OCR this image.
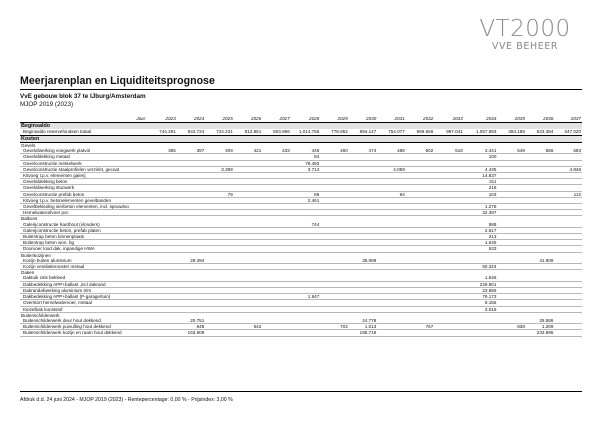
VT2000
VVE BEHEER
Meerjarenplan en Liquiditeitsprognose
VvE gebouw blok 37 te IJburg/Amsterdam
MJOP 2019 (2023)
Jaar	2023	2024	2025	2026	2027	2028	2029	2030	2031	2032	2033	2034	2035	2036	2037
Beginsaldo															
Beginsaldo reservefondsen totaal	744.291	842.724	724.231	812.851	903.966	1.014.755	778.952	894.147	754.077	869.656	997.041	1.057.993	384.188	523.384	347.020
Kosten															
Gevels															
Gevelafwerking voegwerk platvol	385	397	409	421	433	446	460	474	488	502	518	3.441	549	566	583
Gevelafdekking metaal						84						100			
Gevelconstructie metselwerk						78.493									
Gevelconstructie staalprofielen verzinkt, gecoat			3.399			3.714			4.059			4.435			4.846
Kitvoeg t.p.v. elementen galerij												14.837			
Gevelafdekking beton												311			
Gevelafwerking stucwerk												219			
Gevelconstructie prefab beton			79			86			94			103			112
Kitvoeg t.p.v. betonelementen gevelbanden						2.461									
Gevelbekleding sierbeton elementen, incl. spouwloo												1.278			
Hemelwaterafvoer pvc												32.397			
Balkons															
Galerijconstructie hardhout (vlonders)						744						888			
Galerijconstructie beton, prefab platen												2.617			
Buitentrap beton binnenplaats												213			
Buitentrap beton won. bg												1.545			
Doorvoer lood dak, inpandige HWA												533			
Buitenkozijnen															
Kozijn buiten aluminium		29.394						35.098						41.909	
Kozijn ventilatierooster metaal												50.324			
Daken															
Daktuik zink bekleed												1.546			
Dakbedekking APP+ballast ,incl dakrand												229.901			
Dakrandafwerking aluminium trim												23.856			
Dakbedekking APP+ballast (P-garage/tuin)						1.947						79.173			
Overstort hemelwatervoer, metaal												8.155			
Kiezelbak kunststof												3.019			
Buitenschilderwerk															
Buitenschilderwerk deur hout dekkend		20.751						24.778						29.586	
Buitenschilderwerk puivulling hout dekkend		848		642			702	1.013		767			838	1.209	
Buitenschilderwerk kozijn en raam hout dekkend		163.909						195.716						233.695	
Afdruk d.d. 24 juni 2024 - MJOP 2019 (2023) - Rentepercentage: 0,00 % - Prijsindex: 3,00 %
